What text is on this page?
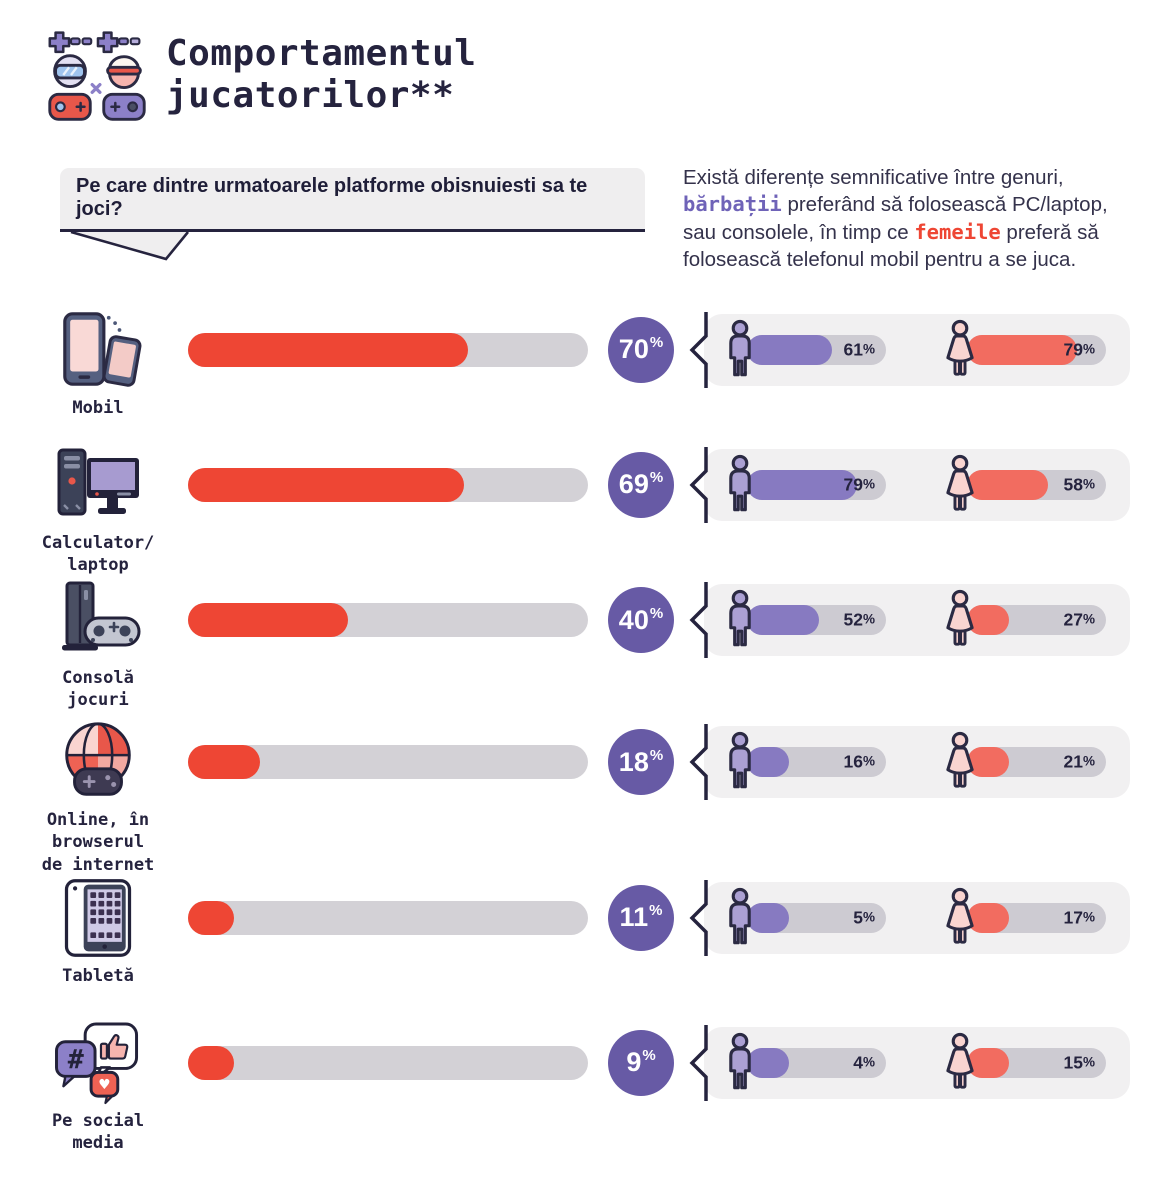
Comportamentul
jucatorilor**
Pe care dintre urmatoarele platforme obisnuiesti sa te joci?
Există diferențe semnificative între genuri, bărbații preferând să folosească PC/laptop, sau consolele, în timp ce femeile preferă să folosească telefonul mobil pentru a se juca.
Mobil
70 %	61%	79%
Calculator/
laptop
69 %	79%	58%
Consolă
jocuri
40 %	52%	27%
Online, în
browserul
de internet
18 %	16%	21%
Tabletă
11 %	5%	17%
#
♥
Pe social
media
9 %	4%	15%
